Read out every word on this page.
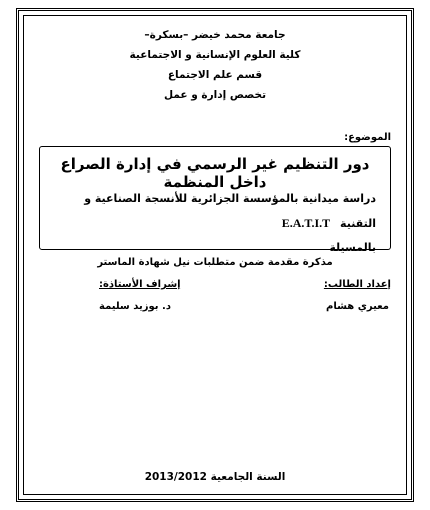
جامعة محمد خيضر –بسكرة–
كلية العلوم الإنسانية و الاجتماعية
قسم علم الاجتماع
تخصص إدارة و عمل
الموضوع:
دور التنظيم غير الرسمي في إدارة الصراع داخل المنظمة
دراسة ميدانية بالمؤسسة الجزائرية للأنسجة الصناعية و التقنية E.A.T.I.T
بالمسيلة
مذكرة مقدمة ضمن متطلبات نيل شهادة الماستر
إعداد الطالب:
معيري هشام
إشراف الأستاذة:
د. بوزيد سليمة
السنة الجامعية 2013/2012
